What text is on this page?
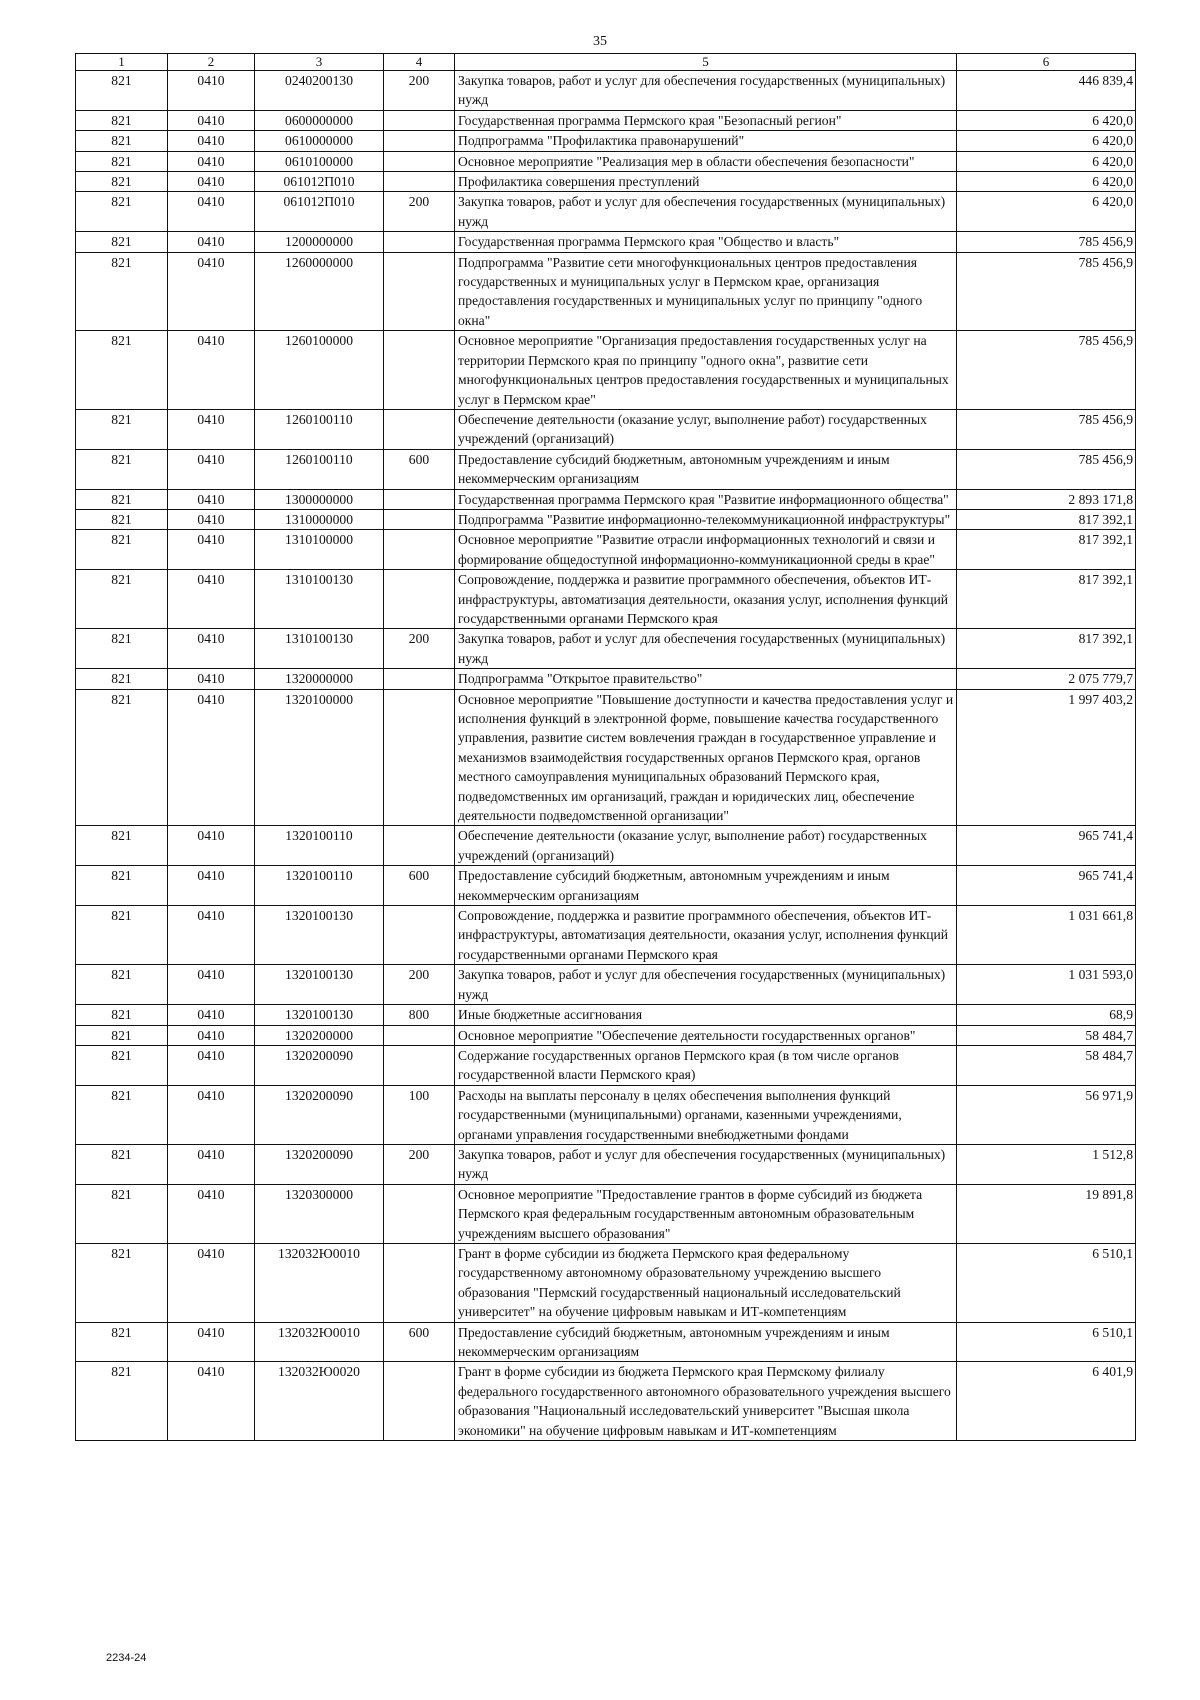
35
1	2	3	4	5	6
821	0410	0240200130	200	Закупка товаров, работ и услуг для обеспечения государственных (муниципальных) нужд	446 839,4
821	0410	0600000000		Государственная программа Пермского края "Безопасный регион"	6 420,0
821	0410	0610000000		Подпрограмма "Профилактика правонарушений"	6 420,0
821	0410	0610100000		Основное мероприятие "Реализация мер в области обеспечения безопасности"	6 420,0
821	0410	061012П010		Профилактика совершения преступлений	6 420,0
821	0410	061012П010	200	Закупка товаров, работ и услуг для обеспечения государственных (муниципальных) нужд	6 420,0
821	0410	1200000000		Государственная программа Пермского края "Общество и власть"	785 456,9
821	0410	1260000000		Подпрограмма "Развитие сети многофункциональных центров предоставления государственных и муниципальных услуг в Пермском крае, организация предоставления государственных и муниципальных услуг по принципу "одного окна"	785 456,9
821	0410	1260100000		Основное мероприятие "Организация предоставления государственных услуг на территории Пермского края по принципу "одного окна", развитие сети многофункциональных центров предоставления государственных и муниципальных услуг в Пермском крае"	785 456,9
821	0410	1260100110		Обеспечение деятельности (оказание услуг, выполнение работ) государственных учреждений (организаций)	785 456,9
821	0410	1260100110	600	Предоставление субсидий бюджетным, автономным учреждениям и иным некоммерческим организациям	785 456,9
821	0410	1300000000		Государственная программа Пермского края "Развитие информационного общества"	2 893 171,8
821	0410	1310000000		Подпрограмма "Развитие информационно-телекоммуникационной инфраструктуры"	817 392,1
821	0410	1310100000		Основное мероприятие "Развитие отрасли информационных технологий и связи и формирование общедоступной информационно-коммуникационной среды в крае"	817 392,1
821	0410	1310100130		Сопровождение, поддержка и развитие программного обеспечения, объектов ИТ-инфраструктуры, автоматизация деятельности, оказания услуг, исполнения функций государственными органами Пермского края	817 392,1
821	0410	1310100130	200	Закупка товаров, работ и услуг для обеспечения государственных (муниципальных) нужд	817 392,1
821	0410	1320000000		Подпрограмма "Открытое правительство"	2 075 779,7
821	0410	1320100000		Основное мероприятие "Повышение доступности и качества предоставления услуг и исполнения функций в электронной форме, повышение качества государственного управления, развитие систем вовлечения граждан в государственное управление и механизмов взаимодействия государственных органов Пермского края, органов местного самоуправления муниципальных образований Пермского края, подведомственных им организаций, граждан и юридических лиц, обеспечение деятельности подведомственной организации"	1 997 403,2
821	0410	1320100110		Обеспечение деятельности (оказание услуг, выполнение работ) государственных учреждений (организаций)	965 741,4
821	0410	1320100110	600	Предоставление субсидий бюджетным, автономным учреждениям и иным некоммерческим организациям	965 741,4
821	0410	1320100130		Сопровождение, поддержка и развитие программного обеспечения, объектов ИТ-инфраструктуры, автоматизация деятельности, оказания услуг, исполнения функций государственными органами Пермского края	1 031 661,8
821	0410	1320100130	200	Закупка товаров, работ и услуг для обеспечения государственных (муниципальных) нужд	1 031 593,0
821	0410	1320100130	800	Иные бюджетные ассигнования	68,9
821	0410	1320200000		Основное мероприятие "Обеспечение деятельности государственных органов"	58 484,7
821	0410	1320200090		Содержание государственных органов Пермского края (в том числе органов государственной власти Пермского края)	58 484,7
821	0410	1320200090	100	Расходы на выплаты персоналу в целях обеспечения выполнения функций государственными (муниципальными) органами, казенными учреждениями, органами управления государственными внебюджетными фондами	56 971,9
821	0410	1320200090	200	Закупка товаров, работ и услуг для обеспечения государственных (муниципальных) нужд	1 512,8
821	0410	1320300000		Основное мероприятие "Предоставление грантов в форме субсидий из бюджета Пермского края федеральным государственным автономным образовательным учреждениям высшего образования"	19 891,8
821	0410	132032Ю0010		Грант в форме субсидии из бюджета Пермского края федеральному государственному автономному образовательному учреждению высшего образования "Пермский государственный национальный исследовательский университет" на обучение цифровым навыкам и ИТ-компетенциям	6 510,1
821	0410	132032Ю0010	600	Предоставление субсидий бюджетным, автономным учреждениям и иным некоммерческим организациям	6 510,1
821	0410	132032Ю0020		Грант в форме субсидии из бюджета Пермского края Пермскому филиалу федерального государственного автономного образовательного учреждения высшего образования "Национальный исследовательский университет "Высшая школа экономики" на обучение цифровым навыкам и ИТ-компетенциям	6 401,9
2234-24
